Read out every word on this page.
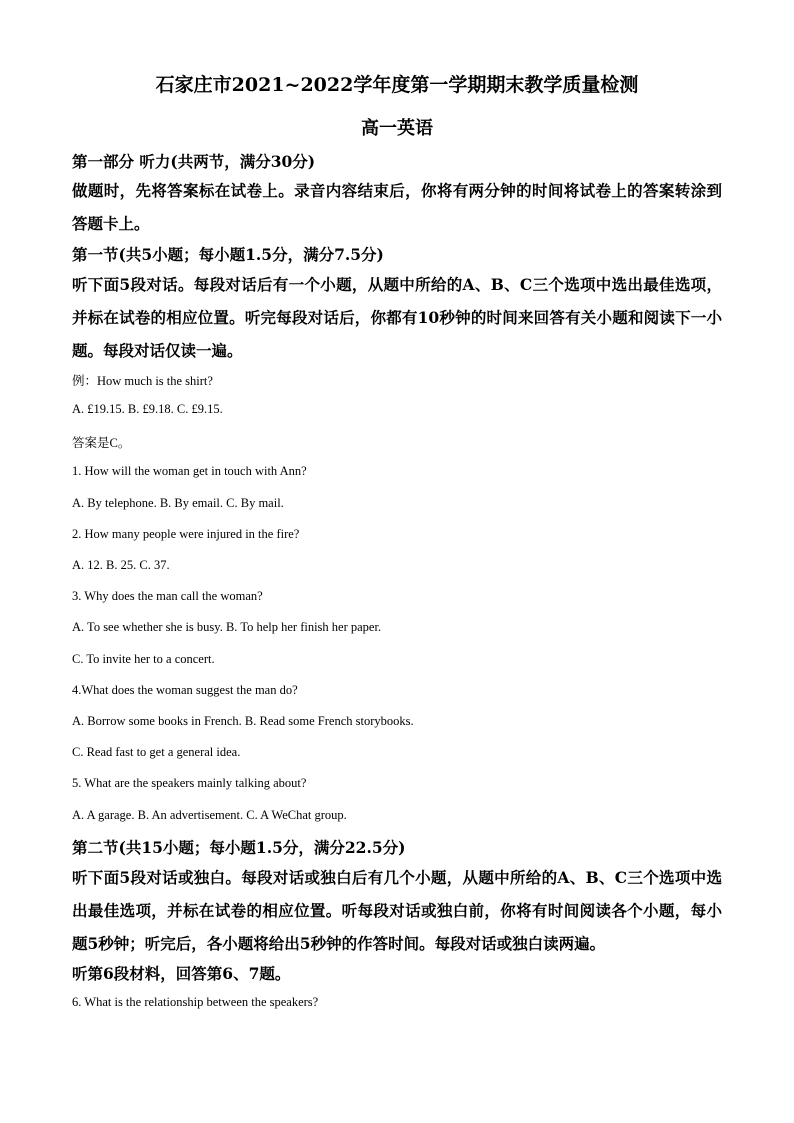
石家庄市2021~2022学年度第一学期期末教学质量检测
高一英语
第一部分 听力(共两节，满分30分)
做题时，先将答案标在试卷上。录音内容结束后，你将有两分钟的时间将试卷上的答案转涂到答题卡上。
第一节(共5小题；每小题1.5分，满分7.5分)
听下面5段对话。每段对话后有一个小题，从题中所给的A、B、C三个选项中选出最佳选项，并标在试卷的相应位置。听完每段对话后，你都有10秒钟的时间来回答有关小题和阅读下一小题。每段对话仅读一遍。
例：How much is the shirt?
A. £19.15. B. £9.18. C. £9.15.
答案是C。
1. How will the woman get in touch with Ann?
A. By telephone. B. By email. C. By mail.
2. How many people were injured in the fire?
A. 12. B. 25. C. 37.
3. Why does the man call the woman?
A. To see whether she is busy. B. To help her finish her paper.
C. To invite her to a concert.
4.What does the woman suggest the man do?
A. Borrow some books in French. B. Read some French storybooks.
C. Read fast to get a general idea.
5. What are the speakers mainly talking about?
A. A garage. B. An advertisement. C. A WeChat group.
第二节(共15小题；每小题1.5分，满分22.5分)
听下面5段对话或独白。每段对话或独白后有几个小题，从题中所给的A、B、C三个选项中选出最佳选项，并标在试卷的相应位置。听每段对话或独白前，你将有时间阅读各个小题，每小题5秒钟；听完后，各小题将给出5秒钟的作答时间。每段对话或独白读两遍。
听第6段材料，回答第6、7题。
6. What is the relationship between the speakers?
